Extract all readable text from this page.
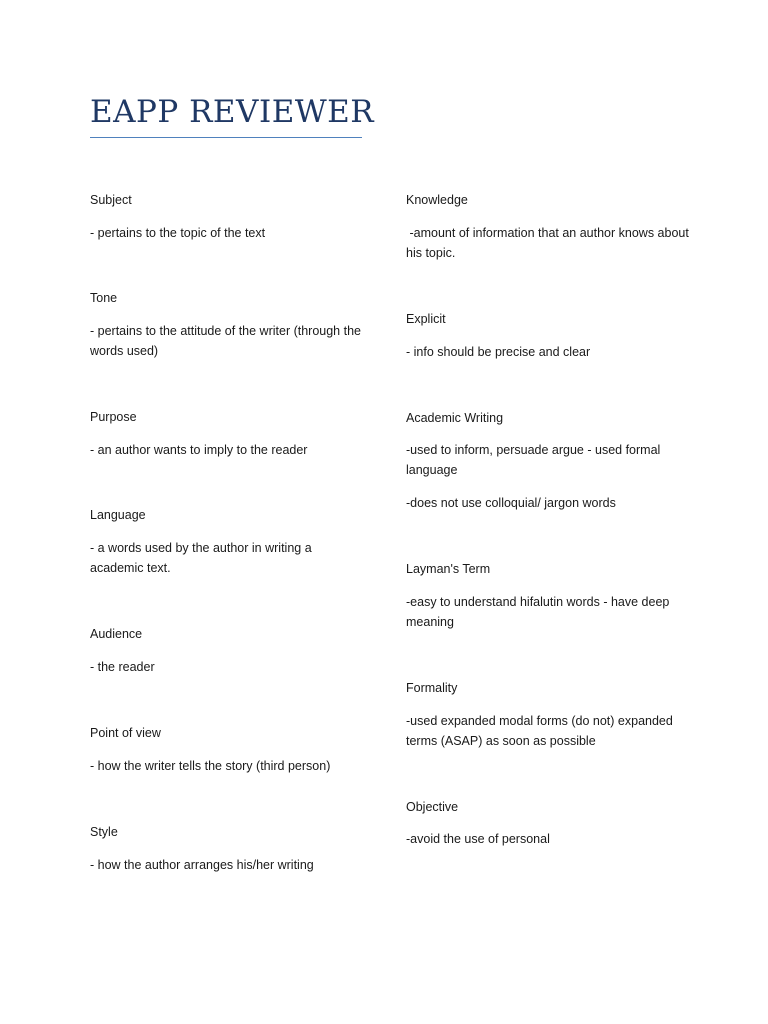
EAPP REVIEWER
Subject
- pertains to the topic of the text
Tone
- pertains to the attitude of the writer (through the words used)
Purpose
- an author wants to imply to the reader
Language
- a words used by the author in writing a academic text.
Audience
- the reader
Point of view
- how the writer tells the story (third person)
Style
- how the author arranges his/her writing
Knowledge
-amount of information that an author knows about his topic.
Explicit
- info should be precise and clear
Academic Writing
-used to inform, persuade argue - used formal language
-does not use colloquial/ jargon words
Layman's Term
-easy to understand hifalutin words - have deep meaning
Formality
-used expanded modal forms (do not) expanded terms (ASAP) as soon as possible
Objective
-avoid the use of personal
